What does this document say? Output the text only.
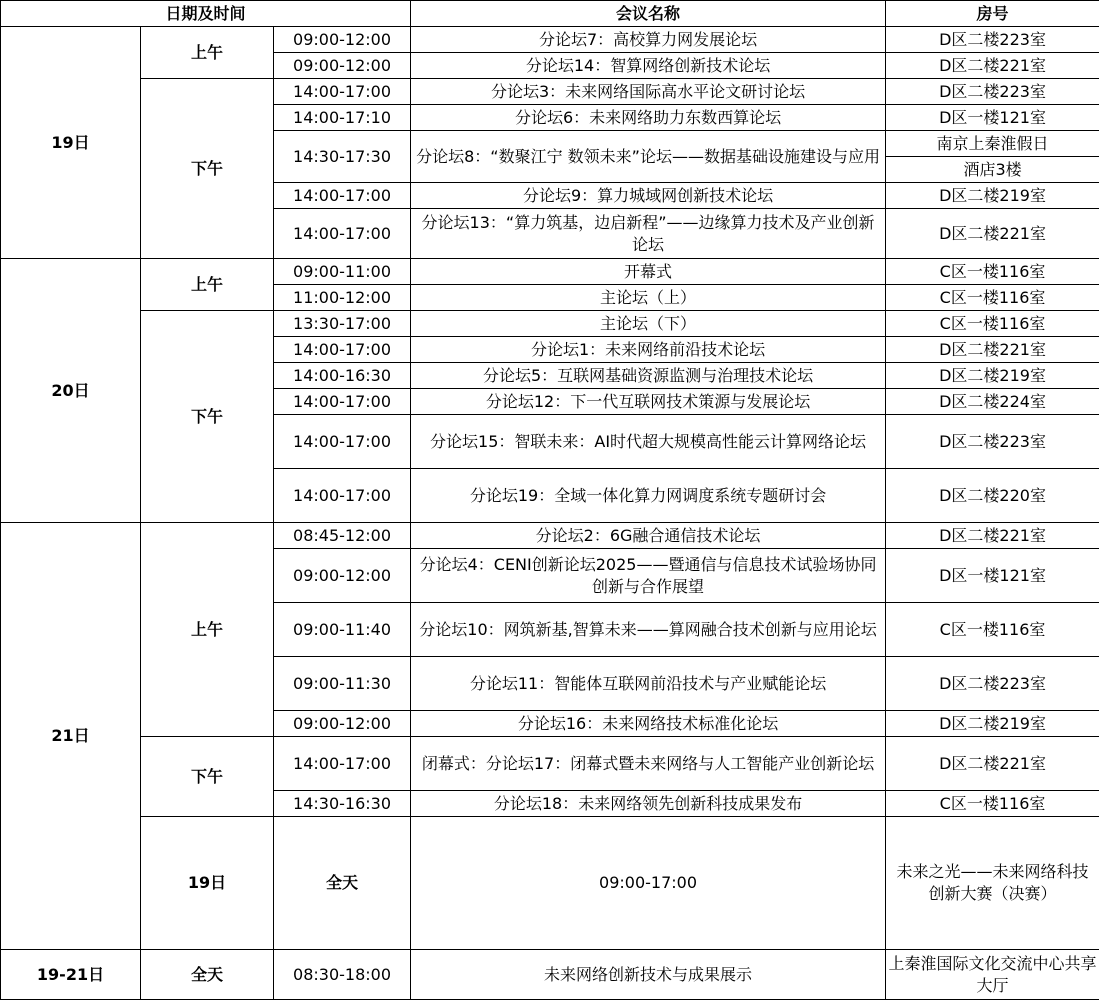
日期及时间			会议名称	房号	
19日	上午	09:00-12:00	分论坛7：高校算力网发展论坛	D区二楼223室	
		09:00-12:00	分论坛14：智算网络创新技术论坛	D区二楼221室	
	下午	14:00-17:00	分论坛3：未来网络国际高水平论文研讨论坛	D区二楼223室	
		14:00-17:10	分论坛6：未来网络助力东数西算论坛	D区一楼121室	
		14:30-17:30	分论坛8：“数聚江宁 数领未来”论坛——数据基础设施建设与应用	南京上秦淮假日	
				酒店3楼	
		14:00-17:00	分论坛9：算力城域网创新技术论坛	D区二楼219室	
		14:00-17:00	分论坛13：“算力筑基，边启新程”——边缘算力技术及产业创新论坛	D区二楼221室	
20日	上午	09:00-11:00	开幕式	C区一楼116室	
		11:00-12:00	主论坛（上）	C区一楼116室	
	下午	13:30-17:00	主论坛（下）	C区一楼116室	
		14:00-17:00	分论坛1：未来网络前沿技术论坛	D区二楼221室	
		14:00-16:30	分论坛5：互联网基础资源监测与治理技术论坛	D区二楼219室	
		14:00-17:00	分论坛12：下一代互联网技术策源与发展论坛	D区二楼224室	
		14:00-17:00	分论坛15：智联未来：AI时代超大规模高性能云计算网络论坛	D区二楼223室	
		14:00-17:00	分论坛19：全域一体化算力网调度系统专题研讨会	D区二楼220室	
21日	上午	08:45-12:00	分论坛2：6G融合通信技术论坛	D区二楼221室	
		09:00-12:00	分论坛4：CENI创新论坛2025——暨通信与信息技术试验场协同创新与合作展望	D区一楼121室	
		09:00-11:40	分论坛10：网筑新基,智算未来——算网融合技术创新与应用论坛	C区一楼116室	
		09:00-11:30	分论坛11：智能体互联网前沿技术与产业赋能论坛	D区二楼223室	
		09:00-12:00	分论坛16：未来网络技术标准化论坛	D区二楼219室	
	下午	14:00-17:00	闭幕式：分论坛17：闭幕式暨未来网络与人工智能产业创新论坛	D区二楼221室	
		14:30-16:30	分论坛18：未来网络领先创新科技成果发布	C区一楼116室	
	19日	全天	09:00-17:00	未来之光——未来网络科技创新大赛（决赛）	
19-21日	全天	08:30-18:00	未来网络创新技术与成果展示	上秦淮国际文化交流中心共享大厅	
